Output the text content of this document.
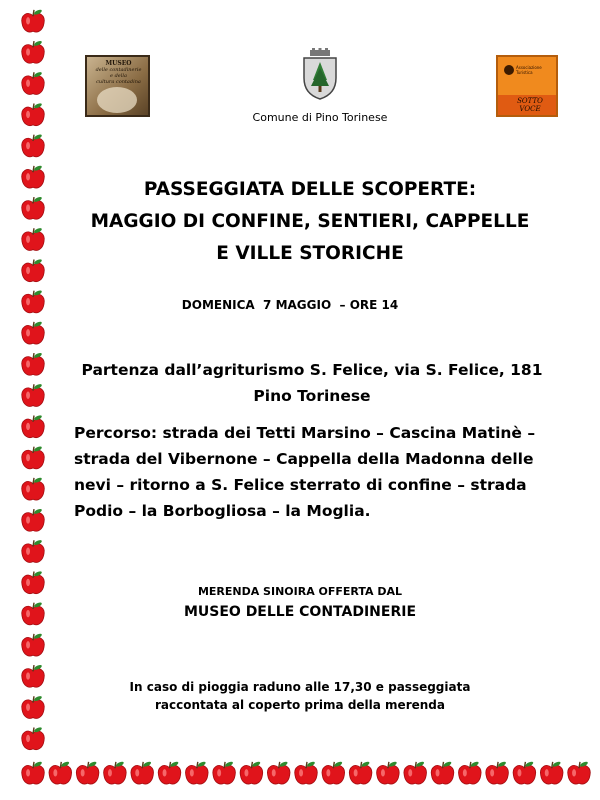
MUSEO
delle contadinerie
e della
cultura contadina
Associazione Turistica
SOTTO VOCE
Comune di Pino Torinese
PASSEGGIATA DELLE SCOPERTE:
MAGGIO DI CONFINE, SENTIERI, CAPPELLE
E VILLE STORICHE
DOMENICA  7 MAGGIO  – ORE 14
Partenza dall’agriturismo S. Felice, via S. Felice, 181
Pino Torinese
Percorso: strada dei Tetti Marsino – Cascina Matinè –
strada del Vibernone – Cappella della Madonna delle
nevi – ritorno a S. Felice sterrato di confine – strada
Podio – la Borbogliosa – la Moglia.
MERENDA SINOIRA OFFERTA DAL
MUSEO DELLE CONTADINERIE
In caso di pioggia raduno alle 17,30 e passeggiata
raccontata al coperto prima della merenda
